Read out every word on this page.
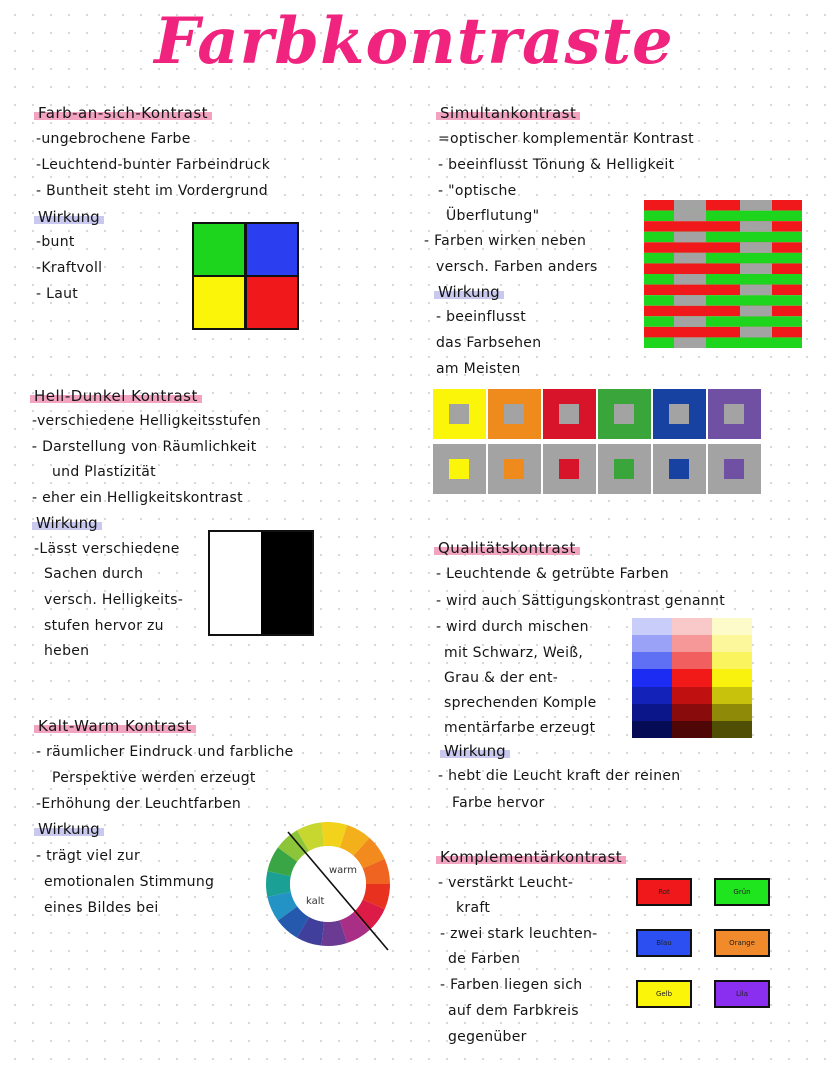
Farbkontraste
Farb-an-sich-Kontrast
-ungebrochene Farbe
-Leuchtend-bunter Farbeindruck
- Buntheit steht im Vordergrund
Wirkung
-bunt
-Kraftvoll
- Laut
Hell-Dunkel Kontrast
-verschiedene Helligkeitsstufen
- Darstellung von Räumlichkeit
und Plastizität
- eher ein Helligkeitskontrast
Wirkung
-Lässt verschiedene
Sachen durch
versch. Helligkeits-
stufen hervor zu
heben
Kalt-Warm Kontrast
- räumlicher Eindruck und farbliche
Perspektive werden erzeugt
-Erhöhung der Leuchtfarben
Wirkung
- trägt viel zur
emotionalen Stimmung
eines Bildes bei
warm
kalt
Simultankontrast
=optischer komplementär Kontrast
- beeinflusst Tönung & Helligkeit
- "optische
Überflutung"
- Farben wirken neben
versch. Farben anders
Wirkung
- beeinflusst
das Farbsehen
am Meisten
Qualitätskontrast
- Leuchtende & getrübte Farben
- wird auch Sättigungskontrast genannt
- wird durch mischen
mit Schwarz, Weiß,
Grau & der ent-
sprechenden Komple
mentärfarbe erzeugt
Wirkung
- hebt die Leucht kraft der reinen
Farbe hervor
Komplementärkontrast
- verstärkt Leucht-
kraft
- zwei stark leuchten-
de Farben
- Farben liegen sich
auf dem Farbkreis
gegenüber
Rot	Grün
Blau	Orange
Gelb	Lila
